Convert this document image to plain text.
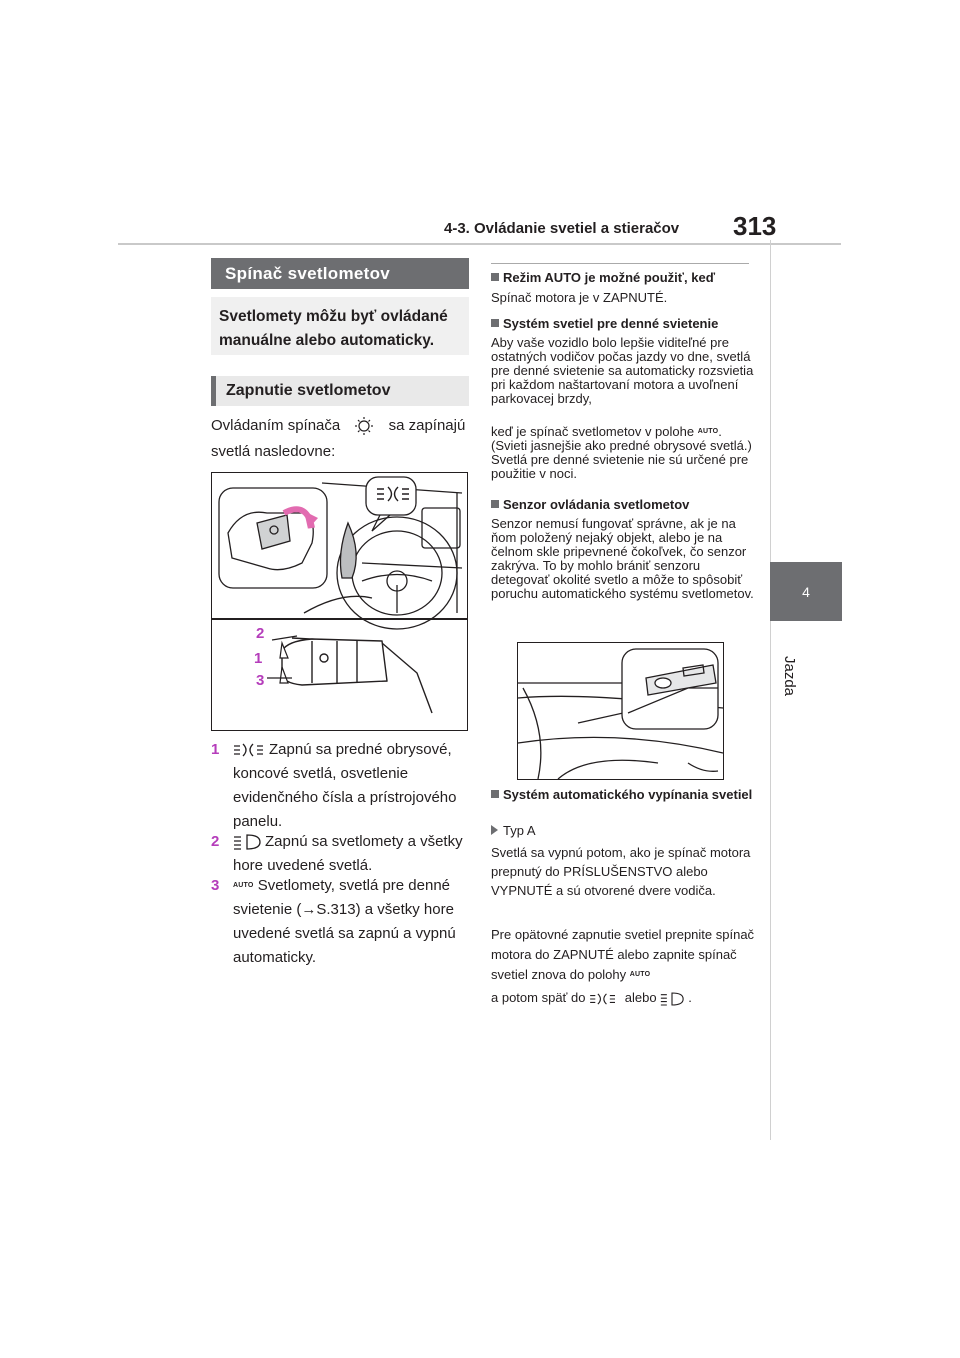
4-3. Ovládanie svetiel a stieračov 313
4
Jazda
Spínač svetlometov
Svetlomety môžu byť ovládané manuálne alebo automaticky.
Zapnutie svetlometov
Ovládaním spínača	sa zapínajú svetlá nasledovne:
2
1
3
1	Zapnú sa predné obrysové, koncové svetlá, osvetlenie evidenčného čísla a prístrojového panelu.
2	Zapnú sa svetlomety a všetky hore uvedené svetlá.
3	$^{AUTO}$ Svetlomety, svetlá pre denné svietenie (→S.313) a všetky hore uvedené svetlá sa zapnú a vypnú automaticky.
Režim AUTO je možné použiť, keď
Spínač motora je v ZAPNUTÉ.
Systém svetiel pre denné svietenie
Aby vaše vozidlo bolo lepšie viditeľné pre ostatných vodičov počas jazdy vo dne, svetlá pre denné svietenie sa automaticky rozsvietia pri každom naštartovaní motora a uvoľnení parkovacej brzdy,
keď je spínač svetlometov v polohe $^{AUTO}$. (Svieti jasnejšie ako predné obrysové svetlá.) Svetlá pre denné svietenie nie sú určené pre použitie v noci.
Senzor ovládania svetlometov
Senzor nemusí fungovať správne, ak je na ňom položený nejaký objekt, alebo je na čelnom skle pripevnené čokoľvek, čo senzor zakrýva. To by mohlo brániť senzoru detegovať okolité svetlo a môže to spôsobiť poruchu automatického systému svetlometov.
Systém automatického vypínania svetiel
Typ A
Svetlá sa vypnú potom, ako je spínač motora prepnutý do PRÍSLUŠENSTVO alebo VYPNUTÉ a sú otvorené dvere vodiča.
Pre opätovné zapnutie svetiel prepnite spínač motora do ZAPNUTÉ alebo zapnite spínač svetiel znova do polohy $^{AUTO}$
a potom späť do	alebo .
